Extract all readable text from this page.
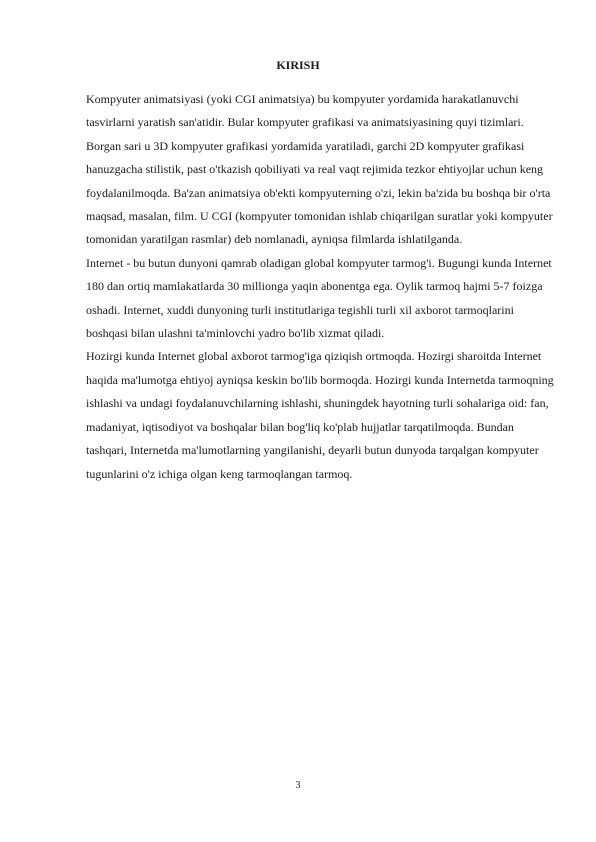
KIRISH

Kompyuter animatsiyasi (yoki CGI animatsiya) bu kompyuter yordamida harakatlanuvchi tasvirlarni yaratish san'atidir. Bular kompyuter grafikasi va animatsiyasining quyi tizimlari. Borgan sari u 3D kompyuter grafikasi yordamida yaratiladi, garchi 2D kompyuter grafikasi hanuzgacha stilistik, past o'tkazish qobiliyati va real vaqt rejimida tezkor ehtiyojlar uchun keng foydalanilmoqda. Ba'zan animatsiya ob'ekti kompyuterning o'zi, lekin ba'zida bu boshqa bir o'rta maqsad, masalan, film. U CGI (kompyuter tomonidan ishlab chiqarilgan suratlar yoki kompyuter tomonidan yaratilgan rasmlar) deb nomlanadi, ayniqsa filmlarda ishlatilganda.

Internet - bu butun dunyoni qamrab oladigan global kompyuter tarmog'i. Bugungi kunda Internet 180 dan ortiq mamlakatlarda 30 millionga yaqin abonentga ega. Oylik tarmoq hajmi 5-7 foizga oshadi. Internet, xuddi dunyoning turli institutlariga tegishli turli xil axborot tarmoqlarini boshqasi bilan ulashni ta'minlovchi yadro bo'lib xizmat qiladi.

Hozirgi kunda Internet global axborot tarmog'iga qiziqish ortmoqda. Hozirgi sharoitda Internet haqida ma'lumotga ehtiyoj ayniqsa keskin bo'lib bormoqda. Hozirgi kunda Internetda tarmoqning ishlashi va undagi foydalanuvchilarning ishlashi, shuningdek hayotning turli sohalariga oid: fan, madaniyat, iqtisodiyot va boshqalar bilan bog'liq ko'plab hujjatlar tarqatilmoqda. Bundan tashqari, Internetda ma'lumotlarning yangilanishi, deyarli butun dunyoda tarqalgan kompyuter tugunlarini o'z ichiga olgan keng tarmoqlangan tarmoq.

3
